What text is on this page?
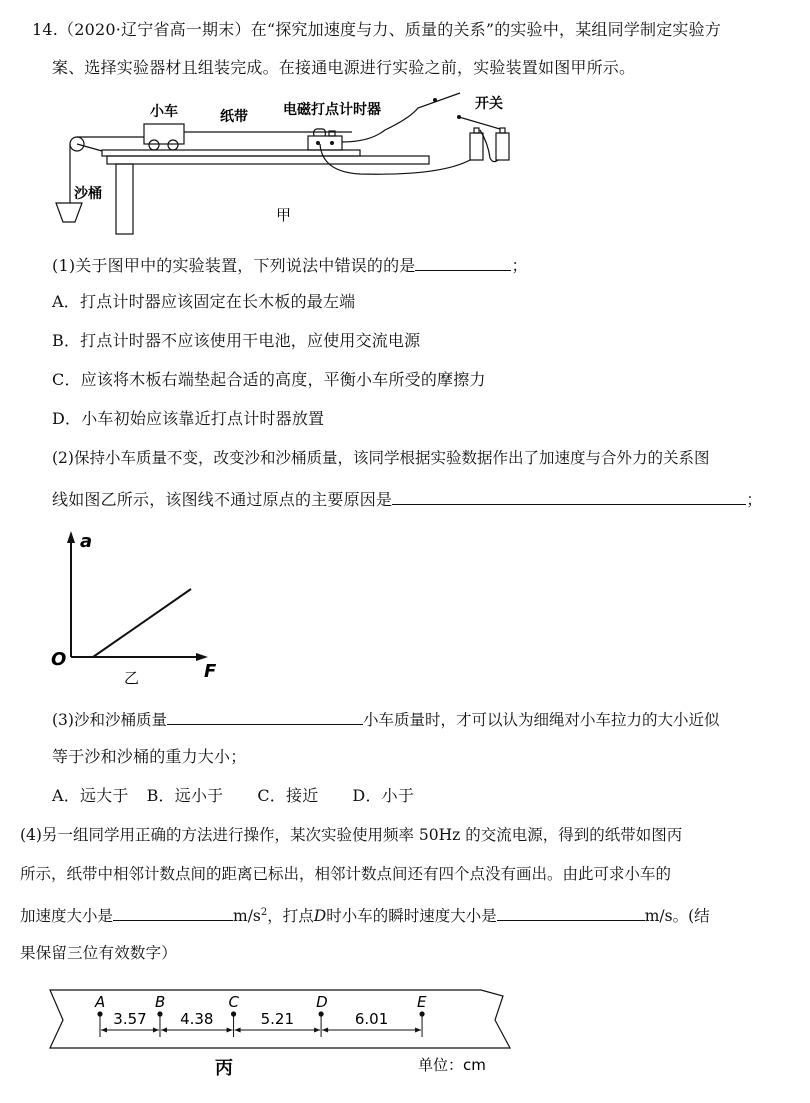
14.（2020·辽宁省高一期末）在“探究加速度与力、质量的关系”的实验中，某组同学制定实验方
案、选择实验器材且组装完成。在接通电源进行实验之前，实验装置如图甲所示。
小车	纸带	电磁打点计时器	开关
沙桶
甲
(1)关于图甲中的实验装置，下列说法中错误的的是	；
A．打点计时器应该固定在长木板的最左端
B．打点计时器不应该使用干电池，应使用交流电源
C．应该将木板右端垫起合适的高度，平衡小车所受的摩擦力
D．小车初始应该靠近打点计时器放置
(2)保持小车质量不变，改变沙和沙桶质量，该同学根据实验数据作出了加速度与合外力的关系图
线如图乙所示，该图线不通过原点的主要原因是	；
a
F
O
乙
(3)沙和沙桶质量	小车质量时，才可以认为细绳对小车拉力的大小近似
等于沙和沙桶的重力大小；
A．远大于 B．远小于 C．接近 D．小于
(4)另一组同学用正确的方法进行操作，某次实验使用频率 50Hz 的交流电源，得到的纸带如图丙
所示，纸带中相邻计数点间的距离已标出，相邻计数点间还有四个点没有画出。由此可求小车的
加速度大小是	$m/s^2$，打点D时小车的瞬时速度大小是	m/s。(结
果保留三位有效数字）
A	B	C	D	E
3.57 4.38	5.21	6.01
丙	单位：cm
